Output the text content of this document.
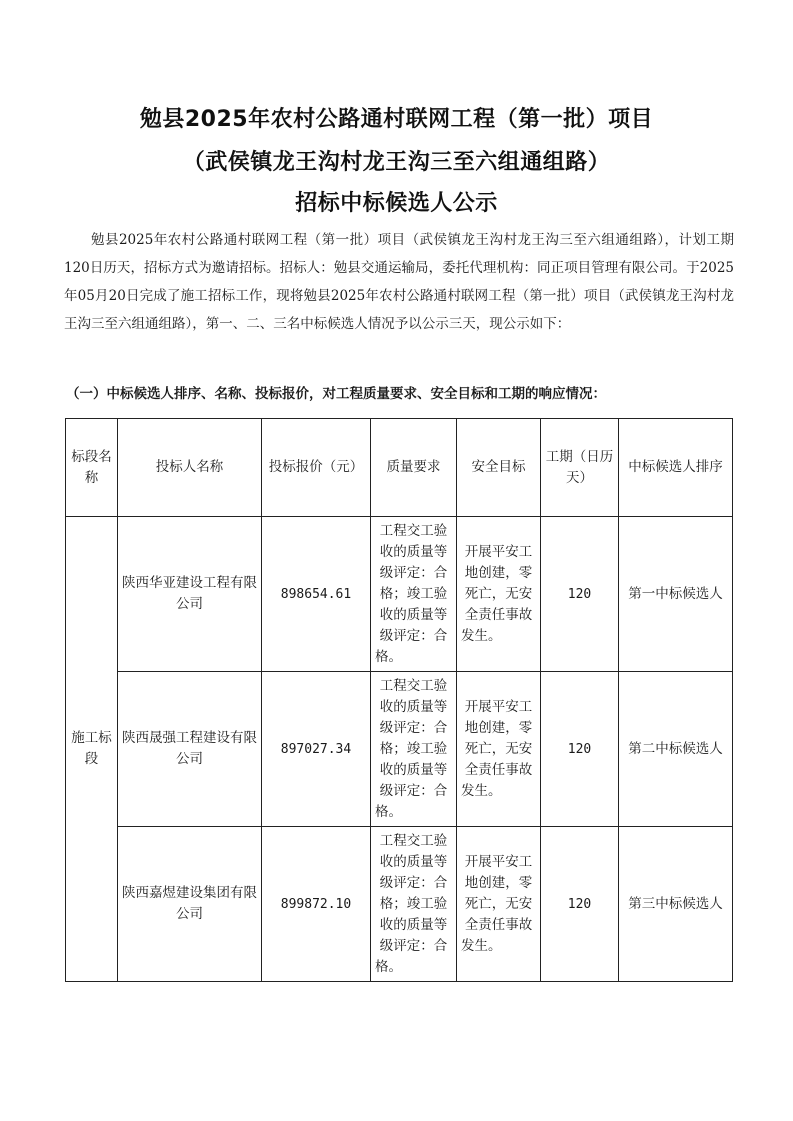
勉县2025年农村公路通村联网工程（第一批）项目
（武侯镇龙王沟村龙王沟三至六组通组路）
招标中标候选人公示

勉县2025年农村公路通村联网工程（第一批）项目（武侯镇龙王沟村龙王沟三至六组通组路），计划工期120日历天，招标方式为邀请招标。招标人：勉县交通运输局，委托代理机构：同正项目管理有限公司。于2025年05月20日完成了施工招标工作，现将勉县2025年农村公路通村联网工程（第一批）项目（武侯镇龙王沟村龙王沟三至六组通组路），第一、二、三名中标候选人情况予以公示三天，现公示如下：

（一）中标候选人排序、名称、投标报价，对工程质量要求、安全目标和工期的响应情况：

标段名称	投标人名称	投标报价（元）	质量要求	安全目标	工期（日历天）	中标候选人排序
施工标段	陕西华亚建设工程有限公司	898654.61	工程交工验收的质量等级评定：合格；竣工验收的质量等级评定：合格。	开展平安工地创建，零死亡，无安全责任事故发生。	120	第一中标候选人
	陕西晟强工程建设有限公司	897027.34	工程交工验收的质量等级评定：合格；竣工验收的质量等级评定：合格。	开展平安工地创建，零死亡，无安全责任事故发生。	120	第二中标候选人
	陕西嘉煜建设集团有限公司	899872.10	工程交工验收的质量等级评定：合格；竣工验收的质量等级评定：合格。	开展平安工地创建，零死亡，无安全责任事故发生。	120	第三中标候选人
